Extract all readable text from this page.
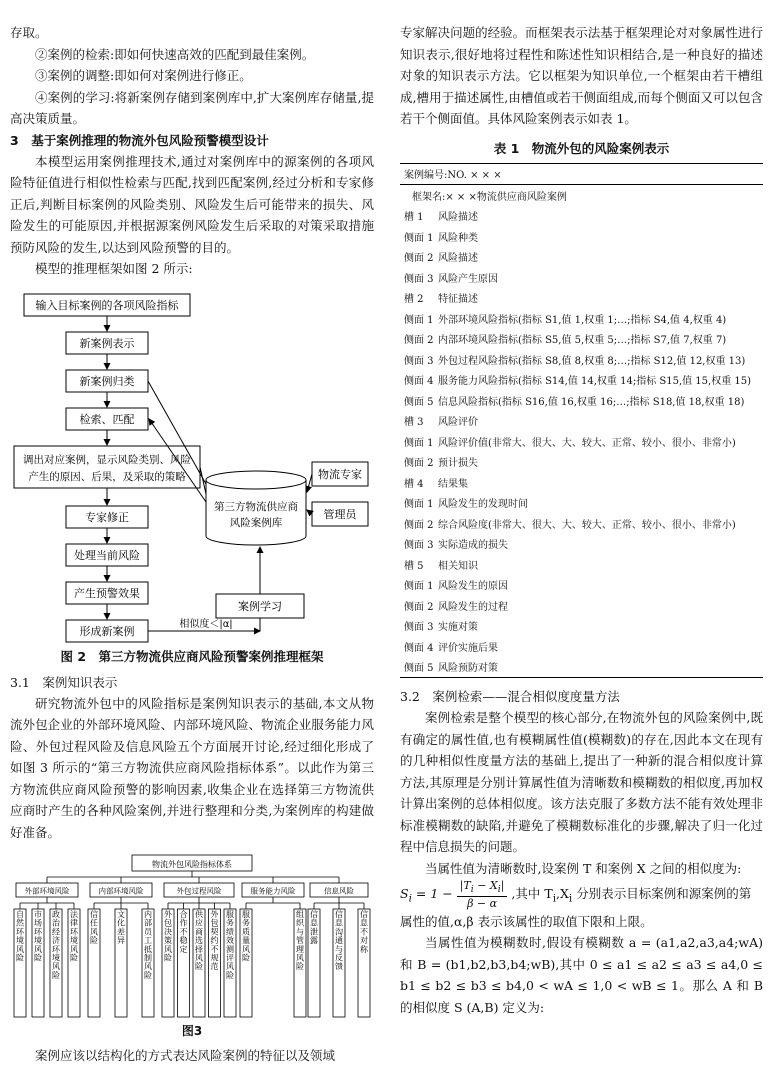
存取。

②案例的检索:即如何快速高效的匹配到最佳案例。

③案例的调整:即如何对案例进行修正。

④案例的学习:将新案例存储到案例库中,扩大案例库存储量,提高决策质量。

3　基于案例推理的物流外包风险预警模型设计

本模型运用案例推理技术,通过对案例库中的源案例的各项风险特征值进行相似性检索与匹配,找到匹配案例,经过分析和专家修正后,判断目标案例的风险类别、风险发生后可能带来的损失、风险发生的可能原因,并根据源案例风险发生后采取的对策采取措施预防风险的发生,以达到风险预警的目的。

模型的推理框架如图 2 所示:

输入目标案例的各项风险指标
新案例表示
新案例归类
检索、匹配
调出对应案例，显示风险类别、风险
产生的原因、后果，及采取的策略
专家修正
处理当前风险
产生预警效果
形成新案例
第三方物流供应商
风险案例库
物流专家
管理员
案例学习
相似度＜|α|
图 2　第三方物流供应商风险预警案例推理框架

3.1　案例知识表示

研究物流外包中的风险指标是案例知识表示的基础,本文从物流外包企业的外部环境风险、内部环境风险、物流企业服务能力风险、外包过程风险及信息风险五个方面展开讨论,经过细化形成了如图 3 所示的“第三方物流供应商风险指标体系”。以此作为第三方物流供应商风险预警的影响因素,收集企业在选择第三方物流供应商时产生的各种风险案例,并进行整理和分类,为案例库的构建做好准备。

物流外包风险指标体系
外部环境风险
自然环境风险
市场环境风险
政治经济环境风险
法律环境风险
内部环境风险
信任风险
文化差异
内部员工抵制风险
外包过程风险
外包决策风险
合作不稳定
供应商选择风险
外包契约不规范
服务绩效测评风险
服务能力风险
服务质量风险
组织与管理风险
信息风险
信息泄露
信息沟通与反馈
信息不对称
图3

案例应该以结构化的方式表达风险案例的特征以及领域

专家解决问题的经验。而框架表示法基于框架理论对对象属性进行知识表示,很好地将过程性和陈述性知识相结合,是一种良好的描述对象的知识表示方法。它以框架为知识单位,一个框架由若干槽组成,槽用于描述属性,由槽值或若干侧面组成,而每个侧面又可以包含若干个侧面值。具体风险案例表示如表 1。

表 1　物流外包的风险案例表示
案例编号:NO. × × ×
框架名:× × ×物流供应商风险案例
槽 1 风险描述
侧面 1 风险种类
侧面 2 风险描述
侧面 3 风险产生原因
槽 2 特征描述
侧面 1 外部环境风险指标(指标 S1,值 1,权重 1;…;指标 S4,值 4,权重 4)
侧面 2 内部环境风险指标(指标 S5,值 5,权重 5;…;指标 S7,值 7,权重 7)
侧面 3 外包过程风险指标(指标 S8,值 8,权重 8;…;指标 S12,值 12,权重 13)
侧面 4 服务能力风险指标(指标 S14,值 14,权重 14;指标 S15,值 15,权重 15)
侧面 5 信息风险指标(指标 S16,值 16,权重 16;…;指标 S18,值 18,权重 18)
槽 3 风险评价
侧面 1 风险评价值(非常大、很大、大、较大、正常、较小、很小、非常小)
侧面 2 预计损失
槽 4 结果集
侧面 1 风险发生的发现时间
侧面 2 综合风险度(非常大、很大、大、较大、正常、较小、很小、非常小)
侧面 3 实际造成的损失
槽 5 相关知识
侧面 1 风险发生的原因
侧面 2 风险发生的过程
侧面 3 实施对策
侧面 4 评价实施后果
侧面 5 风险预防对策

3.2　案例检索——混合相似度度量方法

案例检索是整个模型的核心部分,在物流外包的风险案例中,既有确定的属性值,也有模糊属性值(模糊数)的存在,因此本文在现有的几种相似性度量方法的基础上,提出了一种新的混合相似度计算方法,其原理是分别计算属性值为清晰数和模糊数的相似度,再加权计算出案例的总体相似度。该方法克服了多数方法不能有效处理非标准模糊数的缺陷,并避免了模糊数标准化的步骤,解决了归一化过程中信息损失的问题。

当属性值为清晰数时,设案例 T 和案例 X 之间的相似度为:

$S_i = 1 - \frac{|T_i - X_i|}{\beta - \alpha}$ ,其中 $T_i,X_i$ 分别表示目标案例和源案例的第

属性的值,α,β 表示该属性的取值下限和上限。

当属性值为模糊数时,假设有模糊数 a = (a1,a2,a3,a4;wA) 和 B = (b1,b2,b3,b4;wB),其中 0 ≤ a1 ≤ a2 ≤ a3 ≤ a4,0 ≤ b1 ≤ b2 ≤ b3 ≤ b4,0 < wA ≤ 1,0 < wB ≤ 1。那么 A 和 B 的相似度 S (A,B) 定义为:
